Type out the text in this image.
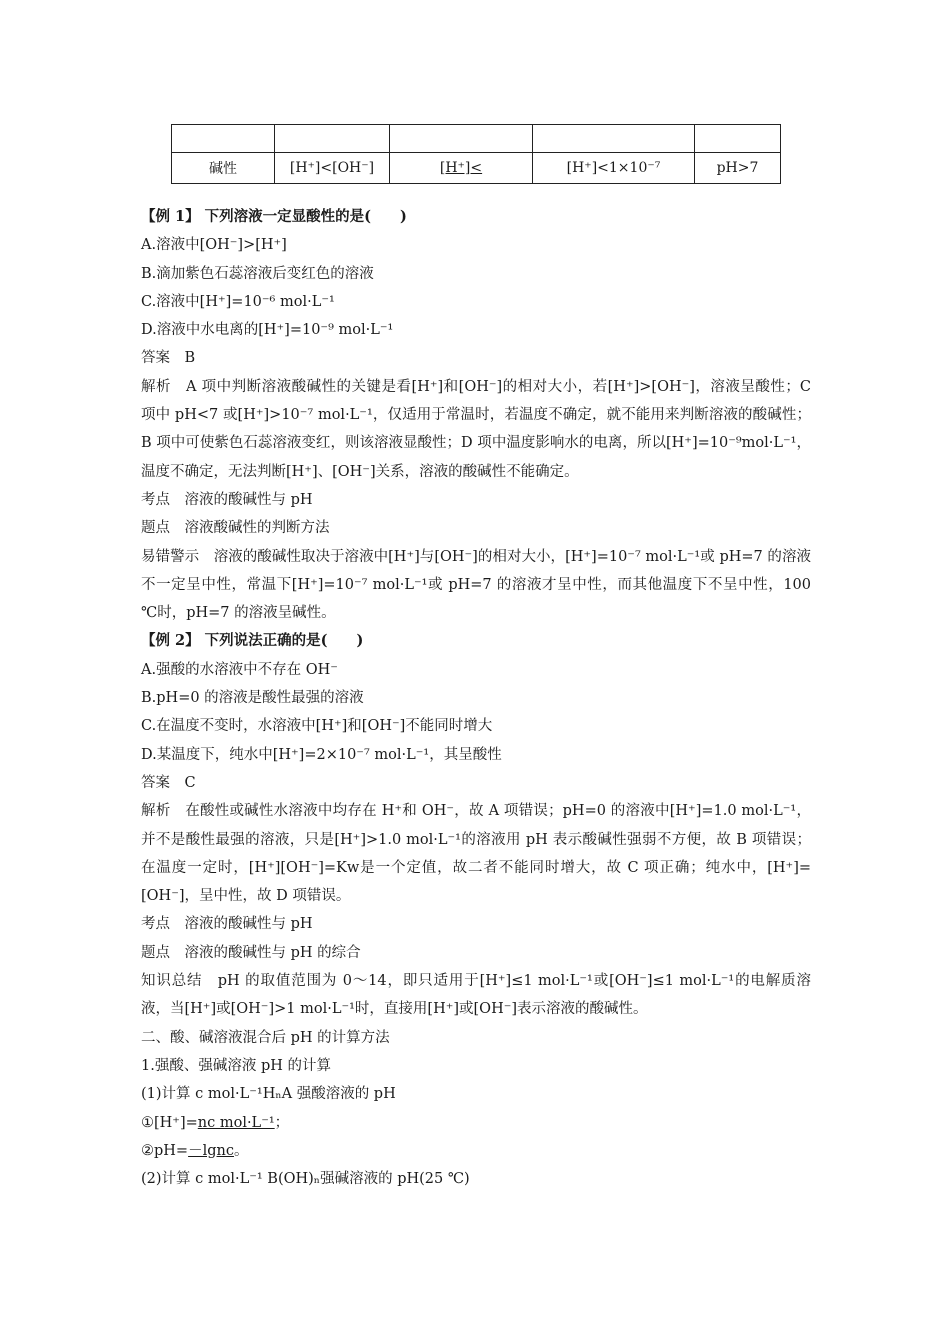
碱性	[H⁺]<[OH⁻]	[H⁺]<	[H⁺]<1×10⁻⁷	pH>7

【例 1】 下列溶液一定显酸性的是(　　)

A.溶液中[OH⁻]>[H⁺]

B.滴加紫色石蕊溶液后变红色的溶液

C.溶液中[H⁺]=10⁻⁶ mol·L⁻¹

D.溶液中水电离的[H⁺]=10⁻⁹ mol·L⁻¹

答案　B

解析　A 项中判断溶液酸碱性的关键是看[H⁺]和[OH⁻]的相对大小，若[H⁺]>[OH⁻]，溶液呈酸性；C 项中 pH<7 或[H⁺]>10⁻⁷ mol·L⁻¹，仅适用于常温时，若温度不确定，就不能用来判断溶液的酸碱性；B 项中可使紫色石蕊溶液变红，则该溶液显酸性；D 项中温度影响水的电离，所以[H⁺]=10⁻⁹mol·L⁻¹，温度不确定，无法判断[H⁺]、[OH⁻]关系，溶液的酸碱性不能确定。

考点　溶液的酸碱性与 pH

题点　溶液酸碱性的判断方法

易错警示　溶液的酸碱性取决于溶液中[H⁺]与[OH⁻]的相对大小，[H⁺]=10⁻⁷ mol·L⁻¹或 pH=7 的溶液不一定呈中性，常温下[H⁺]=10⁻⁷ mol·L⁻¹或 pH=7 的溶液才呈中性，而其他温度下不呈中性，100 ℃时，pH=7 的溶液呈碱性。

【例 2】 下列说法正确的是(　　)

A.强酸的水溶液中不存在 OH⁻

B.pH=0 的溶液是酸性最强的溶液

C.在温度不变时，水溶液中[H⁺]和[OH⁻]不能同时增大

D.某温度下，纯水中[H⁺]=2×10⁻⁷ mol·L⁻¹，其呈酸性

答案　C

解析　在酸性或碱性水溶液中均存在 H⁺和 OH⁻，故 A 项错误；pH=0 的溶液中[H⁺]=1.0 mol·L⁻¹，并不是酸性最强的溶液，只是[H⁺]>1.0 mol·L⁻¹的溶液用 pH 表示酸碱性强弱不方便，故 B 项错误；在温度一定时，[H⁺][OH⁻]=Kw是一个定值，故二者不能同时增大，故 C 项正确；纯水中，[H⁺]=[OH⁻]，呈中性，故 D 项错误。

考点　溶液的酸碱性与 pH

题点　溶液的酸碱性与 pH 的综合

知识总结　pH 的取值范围为 0～14，即只适用于[H⁺]≤1 mol·L⁻¹或[OH⁻]≤1 mol·L⁻¹的电解质溶液，当[H⁺]或[OH⁻]>1 mol·L⁻¹时，直接用[H⁺]或[OH⁻]表示溶液的酸碱性。

二、酸、碱溶液混合后 pH 的计算方法

1.强酸、强碱溶液 pH 的计算

(1)计算 c mol·L⁻¹HₙA 强酸溶液的 pH

①[H⁺]=nc mol·L⁻¹；

②pH=－lgnc。

(2)计算 c mol·L⁻¹ B(OH)ₙ强碱溶液的 pH(25 ℃)
